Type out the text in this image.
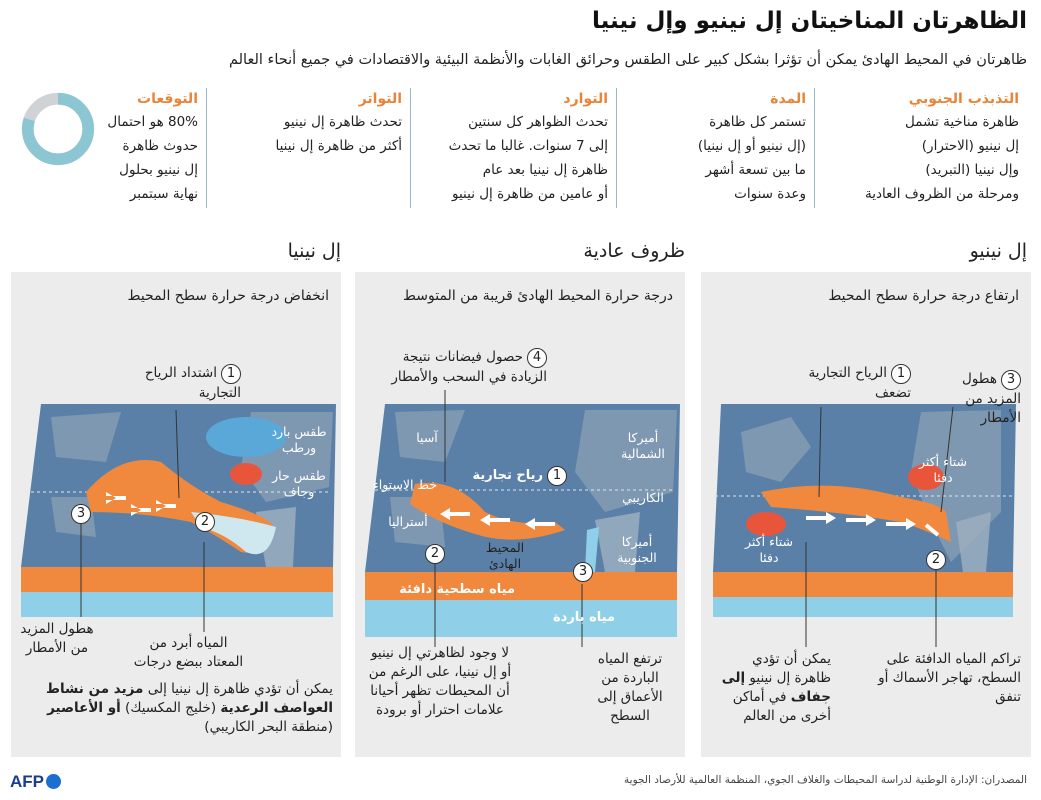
الظاهرتان المناخيتان إل نينيو وإل نينيا
ظاهرتان في المحيط الهادئ يمكن أن تؤثرا بشكل كبير على الطقس وحرائق الغابات والأنظمة البيئية والاقتصادات في جميع أنحاء العالم
التذبذب الجنوبي
ظاهرة مناخية تشمل
إل نينيو (الاحترار)
وإل نينيا (التبريد)
ومرحلة من الظروف العادية
المدة
تستمر كل ظاهرة
(إل نينيو أو إل نينيا)
ما بين تسعة أشهر
وعدة سنوات
التوارد
تحدث الظواهر كل سنتين
إلى 7 سنوات. غالبا ما تحدث
ظاهرة إل نينيا بعد عام
أو عامين من ظاهرة إل نينيو
التواتر
تحدث ظاهرة إل نينيو
أكثر من ظاهرة إل نينيا
التوقعات
80% هو احتمال
حدوث ظاهرة
إل نينيو بحلول
نهاية سبتمبر
إل نينيو
ظروف عادية
إل نينيا
ارتفاع درجة حرارة سطح المحيط
1الرياح التجارية تضعف
3هطول المزيد من الأمطار
شتاء أكثر دفئا
شتاء أكثر دفئا	2
يمكن أن تؤدي ظاهرة إل نينيو إلى جفاف في أماكن أخرى من العالم
تراكم المياه الدافئة على السطح، تهاجر الأسماك أو تنفق
درجة حرارة المحيط الهادئ قريبة من المتوسط
4حصول فيضانات نتيجة الزيادة في السحب والأمطار
آسيا	أميركا الشمالية
خط الاستواء
1رياح تجارية
الكاريبي
أستراليا
المحيط الهادئ
أميركا الجنوبية
2
3
مياه سطحية دافئة
مياه باردة
لا وجود لظاهرتي إل نينيو أو إل نينيا، على الرغم من أن المحيطات تظهر أحيانا علامات احترار أو برودة
ترتفع المياه الباردة من الأعماق إلى السطح
انخفاض درجة حرارة سطح المحيط
1اشتداد الرياح التجارية
طقس بارد ورطب
طقس حار وجاف
2
3
هطول المزيد من الأمطار	المياه أبرد من المعتاد ببضع درجات
يمكن أن تؤدي ظاهرة إل نينيا إلى مزيد من نشاط العواصف الرعدية (خليج المكسيك) أو الأعاصير (منطقة البحر الكاريبي)
المصدران: الإدارة الوطنية لدراسة المحيطات والغلاف الجوي، المنظمة العالمية للأرصاد الجوية
AFP
